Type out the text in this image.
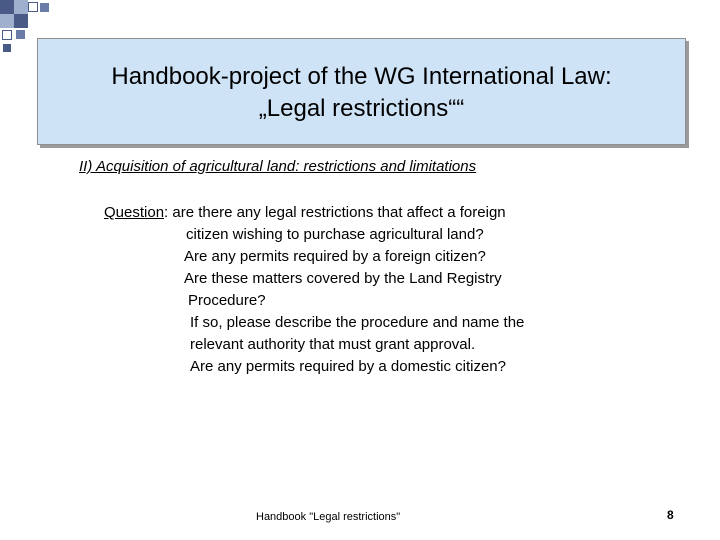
Handbook-project of the WG International Law:
„Legal restrictions““
II) Acquisition of agricultural land: restrictions and limitations
Question: are there any legal restrictions that affect a foreign
citizen wishing to purchase agricultural land?
Are any permits required by a foreign citizen?
Are these matters covered by the Land Registry
Procedure?
If so, please describe the procedure and name the
relevant authority that must grant approval.
Are any permits required by a domestic citizen?
Handbook "Legal restrictions"	8
